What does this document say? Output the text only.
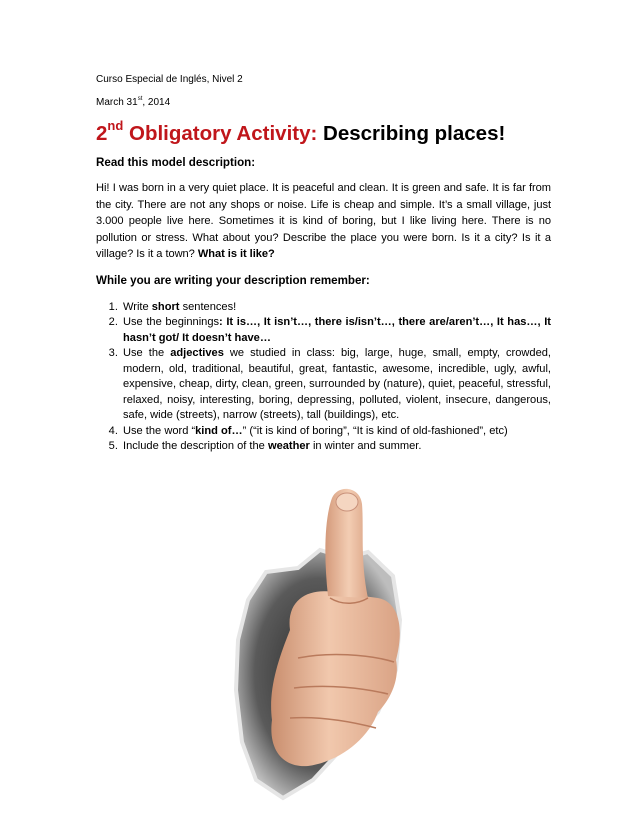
Curso Especial de Inglés, Nivel 2
March 31st, 2014
2nd Obligatory Activity: Describing places!
Read this model description:
Hi! I was born in a very quiet place. It is peaceful and clean. It is green and safe. It is far from the city. There are not any shops or noise. Life is cheap and simple. It’s a small village, just 3.000 people live here. Sometimes it is kind of boring, but I like living here. There is no pollution or stress. What about you? Describe the place you were born. Is it a city? Is it a village? Is it a town? What is it like?
While you are writing your description remember:
1. Write short sentences!
2. Use the beginnings: It is…, It isn’t…, there is/isn’t…, there are/aren’t…, It has…, It hasn’t got/ It doesn’t have…
3. Use the adjectives we studied in class: big, large, huge, small, empty, crowded, modern, old, traditional, beautiful, great, fantastic, awesome, incredible, ugly, awful, expensive, cheap, dirty, clean, green, surrounded by (nature), quiet, peaceful, stressful, relaxed, noisy, interesting, boring, depressing, polluted, violent, insecure, dangerous, safe, wide (streets), narrow (streets), tall (buildings), etc.
4. Use the word “kind of…” (“it is kind of boring”, “It is kind of old-fashioned”, etc)
5. Include the description of the weather in winter and summer.
